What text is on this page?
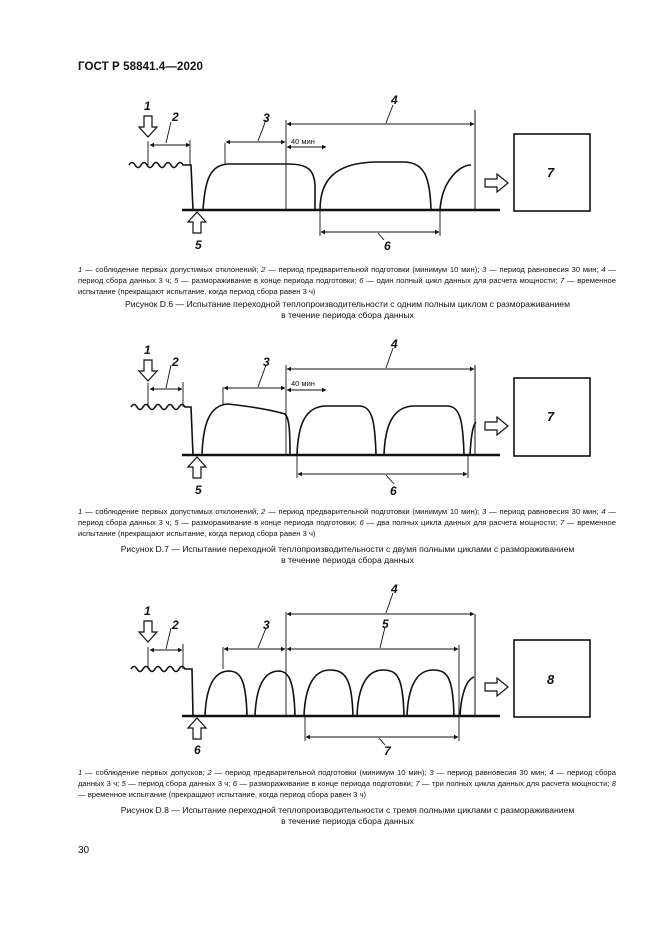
ГОСТ Р 58841.4—2020
1
2	3
4
5	6
40 мин
7
1 — соблюдение первых допустимых отклонений; 2 — период предварительной подготовки (минимум 10 мин); 3 — период равновесия 30 мин; 4 — период сбора данных 3 ч; 5 — размораживание в конце периода подготовки; 6 — один полный цикл данных для расчета мощности; 7 — временное испытание (прекращают испытание, когда период сбора равен 3 ч)
Рисунок D.6 — Испытание переходной теплопроизводительности с одним полным циклом с размораживанием
в течение периода сбора данных
1
2	3
4
5	6
40 мин
7
1 — соблюдение первых допустимых отклонений; 2 — период предварительной подготовки (минимум 10 мин); 3 — период равновесия 30 мин; 4 — период сбора данных 3 ч; 5 — размораживание в конце периода подготовки; 6 — два полных цикла данных для расчета мощности; 7 — временное испытание (прекращают испытание, когда период сбора равен 3 ч)
Рисунок D.7 — Испытание переходной теплопроизводительности с двумя полными циклами с размораживанием
в течение периода сбора данных
1
2	3
4
5
6	7
8
1 — соблюдение первых допусков; 2 — период предварительной подготовки (минимум 10 мин); 3 — период равновесия 30 мин; 4 — период сбора данных 3 ч; 5 — период сбора данных 3 ч; 6 — размораживание в конце периода подготовки; 7 — три полных цикла данных для расчета мощности; 8 — временное испытание (прекращают испытание, когда период сбора равен 3 ч)
Рисунок D.8 — Испытание переходной теплопроизводительности с тремя полными циклами с размораживанием
в течение периода сбора данных
30
